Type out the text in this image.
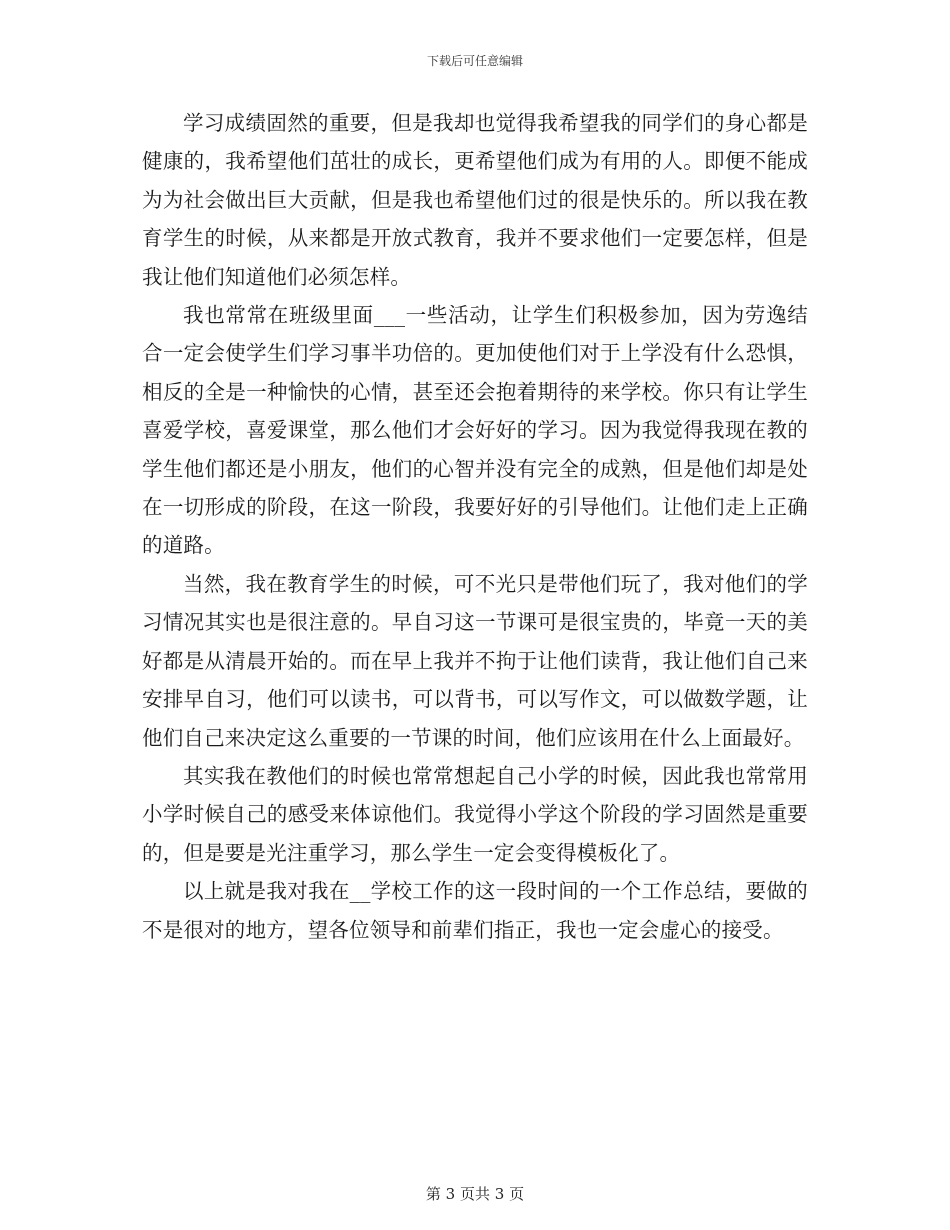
下载后可任意编辑

学习成绩固然的重要，但是我却也觉得我希望我的同学们的身心都是健康的，我希望他们茁壮的成长，更希望他们成为有用的人。即便不能成为为社会做出巨大贡献，但是我也希望他们过的很是快乐的。所以我在教育学生的时候，从来都是开放式教育，我并不要求他们一定要怎样，但是我让他们知道他们必须怎样。

我也常常在班级里面___一些活动，让学生们积极参加，因为劳逸结合一定会使学生们学习事半功倍的。更加使他们对于上学没有什么恐惧，相反的全是一种愉快的心情，甚至还会抱着期待的来学校。你只有让学生喜爱学校，喜爱课堂，那么他们才会好好的学习。因为我觉得我现在教的学生他们都还是小朋友，他们的心智并没有完全的成熟，但是他们却是处在一切形成的阶段，在这一阶段，我要好好的引导他们。让他们走上正确的道路。

当然，我在教育学生的时候，可不光只是带他们玩了，我对他们的学习情况其实也是很注意的。早自习这一节课可是很宝贵的，毕竟一天的美好都是从清晨开始的。而在早上我并不拘于让他们读背，我让他们自己来安排早自习，他们可以读书，可以背书，可以写作文，可以做数学题，让他们自己来决定这么重要的一节课的时间，他们应该用在什么上面最好。

其实我在教他们的时候也常常想起自己小学的时候，因此我也常常用小学时候自己的感受来体谅他们。我觉得小学这个阶段的学习固然是重要的，但是要是光注重学习，那么学生一定会变得模板化了。

以上就是我对我在__学校工作的这一段时间的一个工作总结，要做的不是很对的地方，望各位领导和前辈们指正，我也一定会虚心的接受。

第 3 页共 3 页
